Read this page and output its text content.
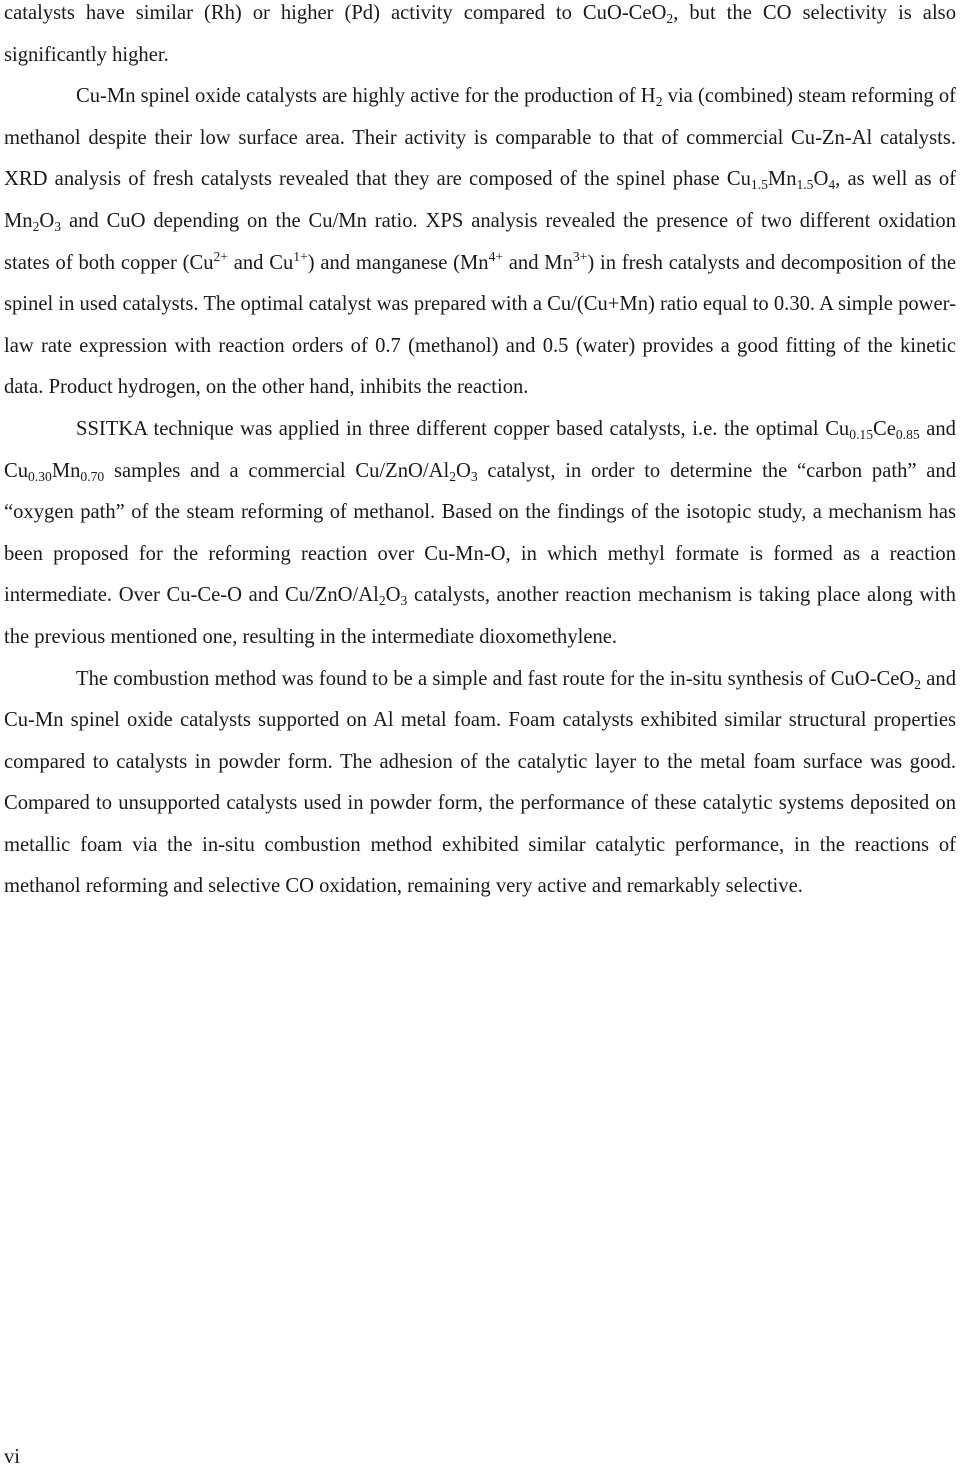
catalysts have similar (Rh) or higher (Pd) activity compared to CuO-CeO$_2$, but the CO selectivity is also significantly higher.

Cu-Mn spinel oxide catalysts are highly active for the production of $H_2$ via (combined) steam reforming of methanol despite their low surface area. Their activity is comparable to that of commercial Cu-Zn-Al catalysts. XRD analysis of fresh catalysts revealed that they are composed of the spinel phase $Cu_{1.5}Mn_{1.5}O_4$, as well as of $Mn_2O_3$ and CuO depending on the Cu/Mn ratio. XPS analysis revealed the presence of two different oxidation states of both copper ($Cu^{2+}$ and $Cu^{1+}$) and manganese ($Mn^{4+}$ and $Mn^{3+}$) in fresh catalysts and decomposition of the spinel in used catalysts. The optimal catalyst was prepared with a Cu/(Cu+Mn) ratio equal to 0.30. A simple power-law rate expression with reaction orders of 0.7 (methanol) and 0.5 (water) provides a good fitting of the kinetic data. Product hydrogen, on the other hand, inhibits the reaction.

SSITKA technique was applied in three different copper based catalysts, i.e. the optimal $Cu_{0.15}Ce_{0.85}$ and $Cu_{0.30}Mn_{0.70}$ samples and a commercial $Cu/ZnO/Al_2O_3$ catalyst, in order to determine the “carbon path” and “oxygen path” of the steam reforming of methanol. Based on the findings of the isotopic study, a mechanism has been proposed for the reforming reaction over Cu-Mn-O, in which methyl formate is formed as a reaction intermediate. Over Cu-Ce-O and $Cu/ZnO/Al_2O_3$ catalysts, another reaction mechanism is taking place along with the previous mentioned one, resulting in the intermediate dioxomethylene.

The combustion method was found to be a simple and fast route for the in-situ synthesis of CuO-CeO$_2$ and Cu-Mn spinel oxide catalysts supported on Al metal foam. Foam catalysts exhibited similar structural properties compared to catalysts in powder form. The adhesion of the catalytic layer to the metal foam surface was good. Compared to unsupported catalysts used in powder form, the performance of these catalytic systems deposited on metallic foam via the in-situ combustion method exhibited similar catalytic performance, in the reactions of methanol reforming and selective CO oxidation, remaining very active and remarkably selective.

vi
